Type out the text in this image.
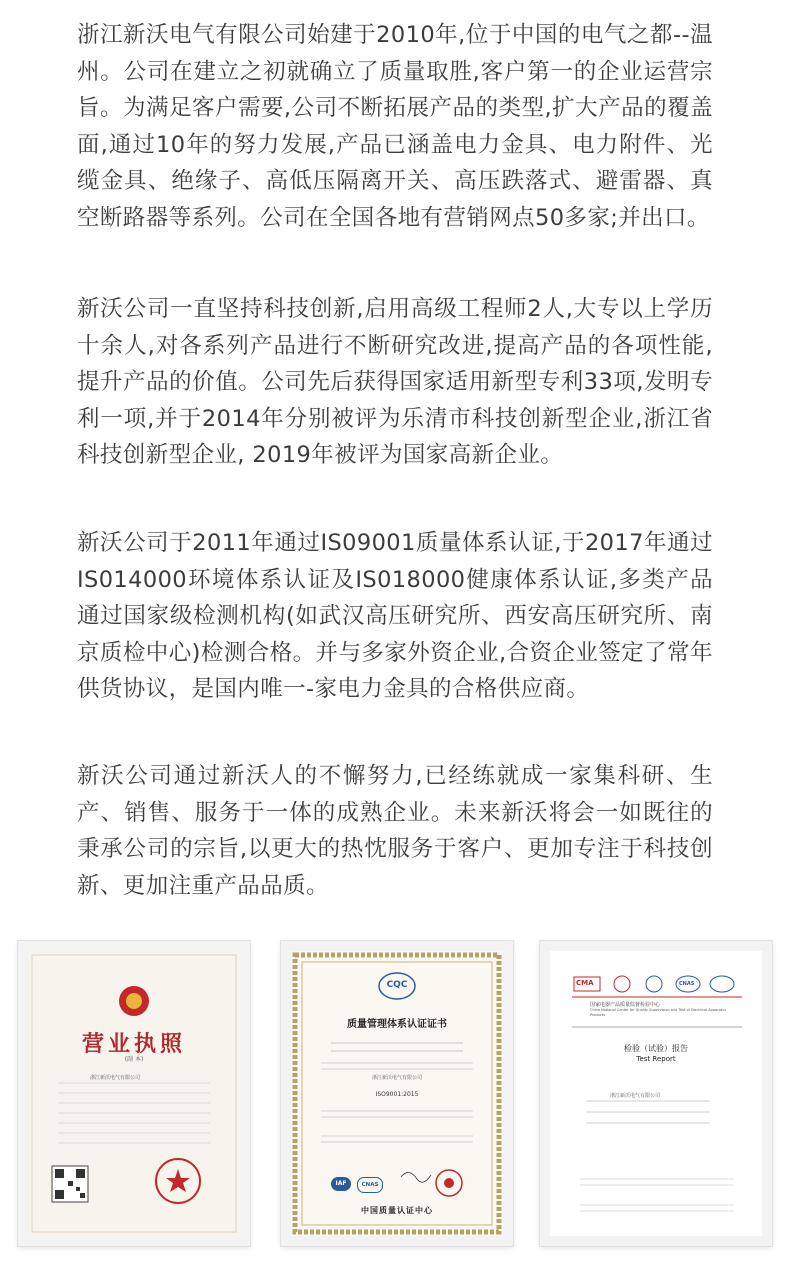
浙江新沃电气有限公司始建于2010年,位于中国的电气之都--温州。公司在建立之初就确立了质量取胜,客户第一的企业运营宗旨。为满足客户需要,公司不断拓展产品的类型,扩大产品的覆盖面,通过10年的努力发展,产品已涵盖电力金具、电力附件、光缆金具、绝缘子、高低压隔离开关、高压跌落式、避雷器、真空断路器等系列。公司在全国各地有营销网点50多家;并出口。

新沃公司一直坚持科技创新,启用高级工程师2人,大专以上学历十余人,对各系列产品进行不断研究改进,提高产品的各项性能,提升产品的价值。公司先后获得国家适用新型专利33项,发明专利一项,并于2014年分别被评为乐清市科技创新型企业,浙江省科技创新型企业, 2019年被评为国家高新企业。

新沃公司于2011年通过IS09001质量体系认证,于2017年通过IS014000环境体系认证及IS018000健康体系认证,多类产品通过国家级检测机构(如武汉高压研究所、西安高压研究所、南京质检中心)检测合格。并与多家外资企业,合资企业签定了常年供货协议，是国内唯一-家电力金具的合格供应商。

新沃公司通过新沃人的不懈努力,已经练就成一家集科研、生产、销售、服务于一体的成熟企业。未来新沃将会一如既往的秉承公司的宗旨,以更大的热忱服务于客户、更加专注于科技创新、更加注重产品品质。

营业执照
(副 本)
浙江新沃电气有限公司
CQC
质量管理体系认证证书
浙江新沃电气有限公司
ISO9001:2015
IAF	CNAS
中国质量认证中心
CMA	CNAS
国家电器产品质量监督检验中心
China National Center for Quality Supervision and Test of Electrical Apparatus Products
检验（试验）报告
Test Report
浙江新沃电气有限公司
